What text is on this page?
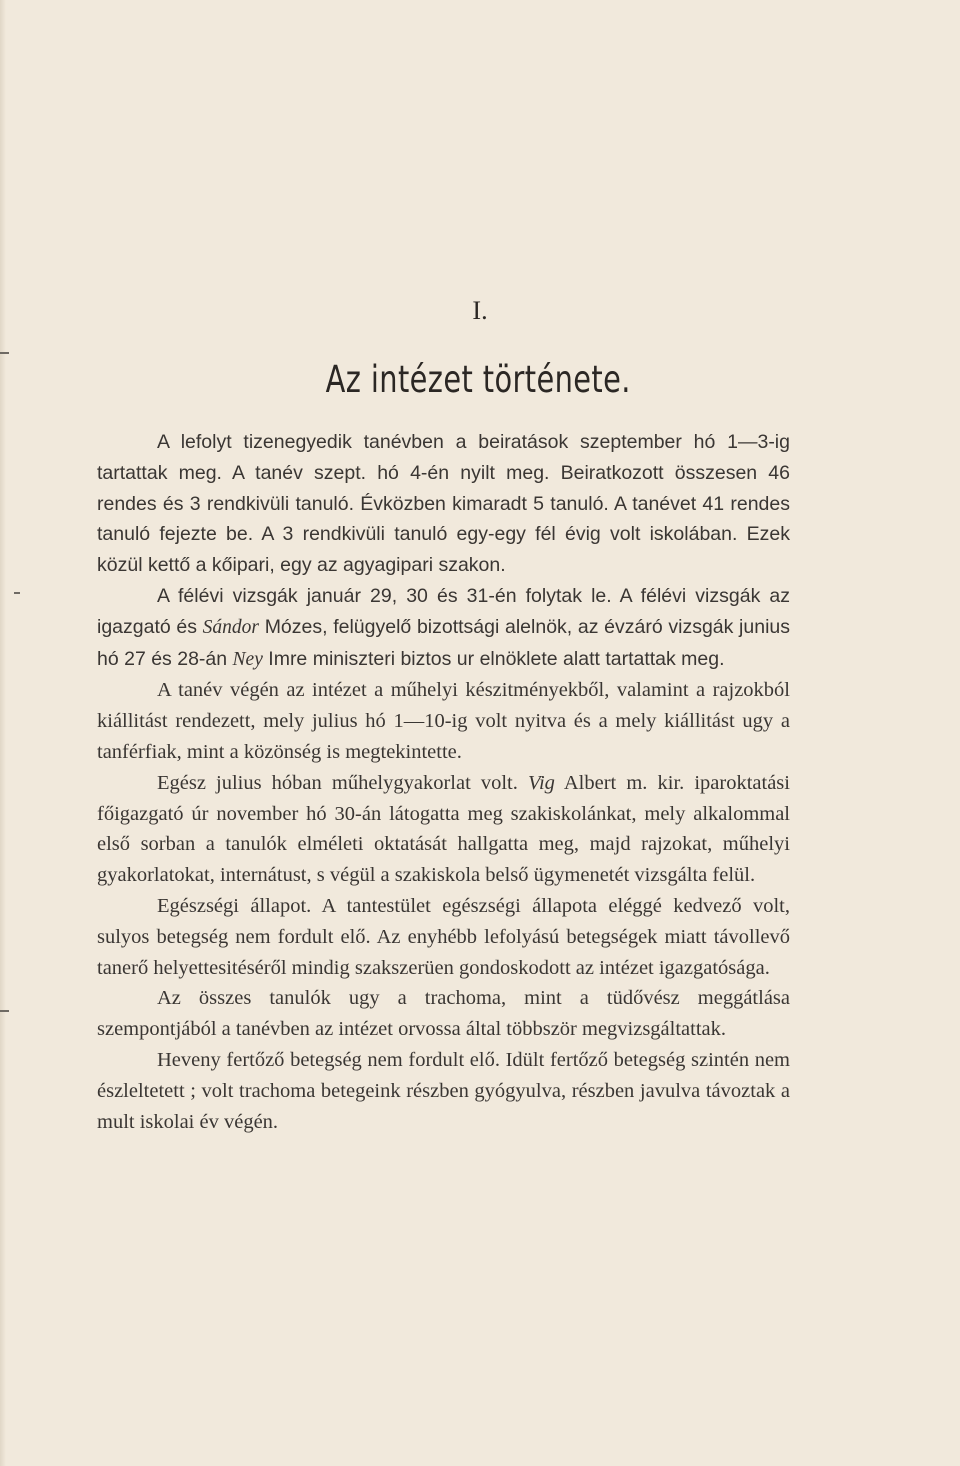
I.
Az intézet története.

A lefolyt tizenegyedik tanévben a beiratások szeptember hó 1—3-ig tartattak meg. A tanév szept. hó 4-én nyilt meg. Beiratkozott összesen 46 rendes és 3 rendkivüli tanuló. Évközben kimaradt 5 tanuló. A tanévet 41 rendes tanuló fejezte be. A 3 rendkivüli tanuló egy-egy fél évig volt iskolában. Ezek közül kettő a kőipari, egy az agyagipari szakon.

A félévi vizsgák január 29, 30 és 31-én folytak le. A félévi vizsgák az igazgató és Sándor Mózes, felügyelő bizottsági alelnök, az évzáró vizsgák junius hó 27 és 28-án Ney Imre miniszteri biztos ur elnöklete alatt tartattak meg.

A tanév végén az intézet a műhelyi készitményekből, valamint a rajzokból kiállitást rendezett, mely julius hó 1—10-ig volt nyitva és a mely kiállitást ugy a tanférfiak, mint a közönség is megtekintette.

Egész julius hóban műhelygyakorlat volt. Vig Albert m. kir. iparoktatási főigazgató úr november hó 30-án látogatta meg szakiskolánkat, mely alkalommal első sorban a tanulók elméleti oktatását hallgatta meg, majd rajzokat, műhelyi gyakorlatokat, internátust, s végül a szakiskola belső ügymenetét vizsgálta felül.

Egészségi állapot. A tantestület egészségi állapota eléggé kedvező volt, sulyos betegség nem fordult elő. Az enyhébb lefolyású betegségek miatt távollevő tanerő helyettesitéséről mindig szakszerüen gondoskodott az intézet igazgatósága.

Az összes tanulók ugy a trachoma, mint a tüdővész meggátlása szempontjából a tanévben az intézet orvossa által többször megvizsgáltattak.

Heveny fertőző betegség nem fordult elő. Idült fertőző betegség szintén nem észleltetett ; volt trachoma betegeink részben gyógyulva, részben javulva távoztak a mult iskolai év végén.
